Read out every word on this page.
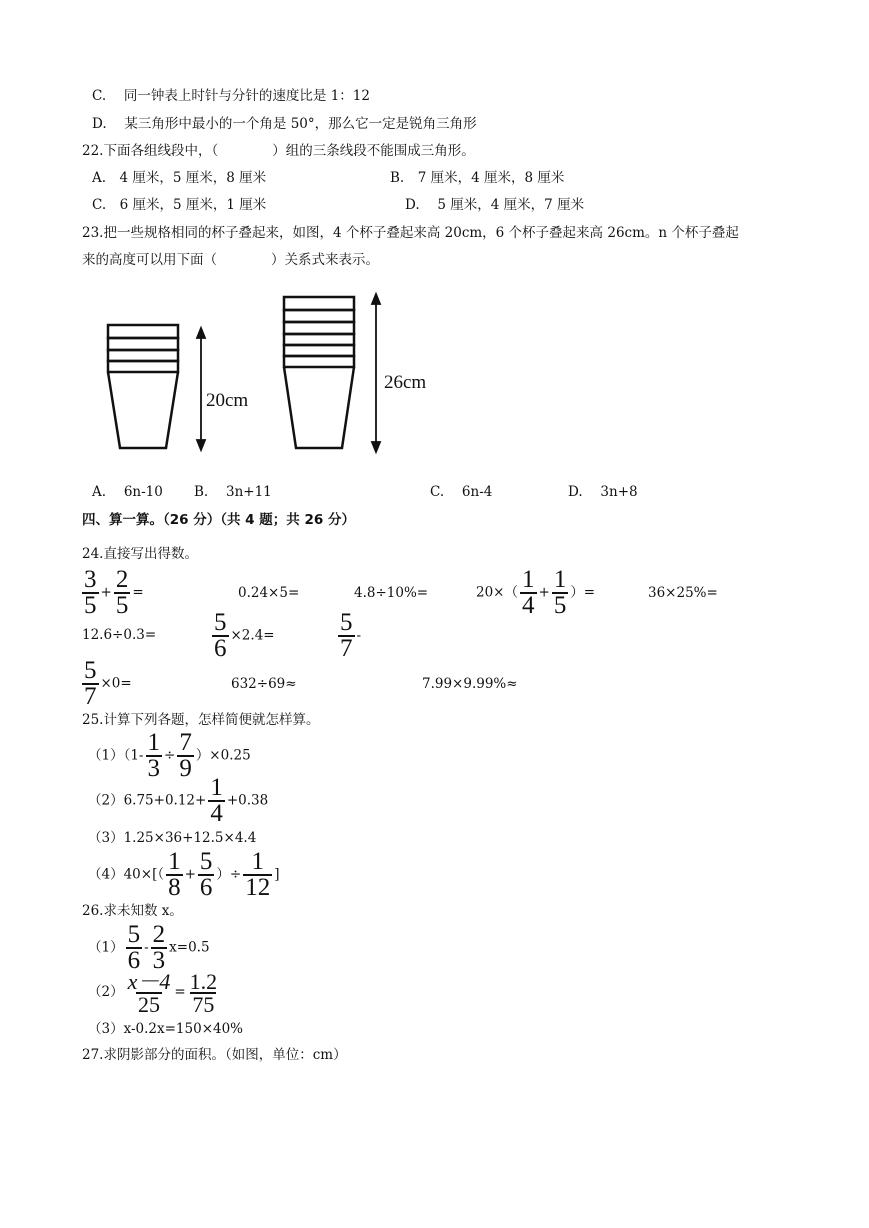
C.　 同一钟表上时针与分针的速度比是 1：12
D.　 某三角形中最小的一个角是 50°，那么它一定是锐角三角形
22.下面各组线段中，（　　　　）组的三条线段不能围成三角形。
A.　4 厘米，5 厘米，8 厘米	B.　7 厘米，4 厘米，8 厘米
C.　6 厘米，5 厘米，1 厘米	D.　 5 厘米，4 厘米，7 厘米
23.把一些规格相同的杯子叠起来，如图，4 个杯子叠起来高 20cm，6 个杯子叠起来高 26cm。n 个杯子叠起
来的高度可以用下面（　　　　）关系式来表示。
20cm
26cm
A.　 6n-10 B.　 3n+11	C.　 6n-4	D.　 3n+8
四、算一算。（26 分）（共 4 题；共 26 分）
24.直接写出得数。
$\frac{3}{5} + \frac{2}{5}$ =	0.24×5=	4.8÷10%=	$20\times( \frac{1}{4} + \frac{1}{5}$ ）=	36×25%=
$12.6\div 0.3= \frac{5}{6} \times 2.4=$	$\frac{5}{7}$ -
$\frac{5}{7} \times 0=$	632÷69≈	7.99×9.99%≈
25.计算下列各题，怎样简便就怎样算。
$(1)(1- \frac{1}{3} \div \frac{7}{9} )\times 0.25$
$(2)6.75+0.12+ \frac{1}{4} +0.38$
（3）1.25×36+12.5×4.4
$(4)40\times[( \frac{1}{8} + \frac{5}{6}$ ）÷ $\frac{1}{12}$ ]
26.求未知数 x。
$(1) \frac{5}{6} - \frac{2}{3} x=0.5$
$(2) \frac{x-4}{25} = \frac{1.2}{75}$
（3）x-0.2x=150×40%
27.求阴影部分的面积。（如图，单位：cm）
